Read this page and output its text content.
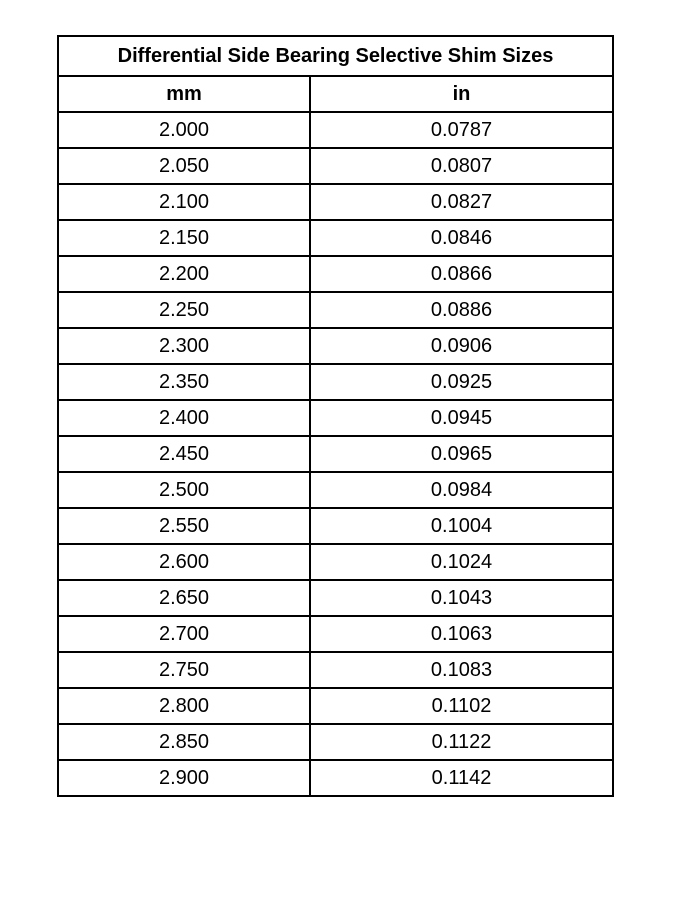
Differential Side Bearing Selective Shim Sizes	
mm	in
2.000	0.0787
2.050	0.0807
2.100	0.0827
2.150	0.0846
2.200	0.0866
2.250	0.0886
2.300	0.0906
2.350	0.0925
2.400	0.0945
2.450	0.0965
2.500	0.0984
2.550	0.1004
2.600	0.1024
2.650	0.1043
2.700	0.1063
2.750	0.1083
2.800	0.1102
2.850	0.1122
2.900	0.1142
